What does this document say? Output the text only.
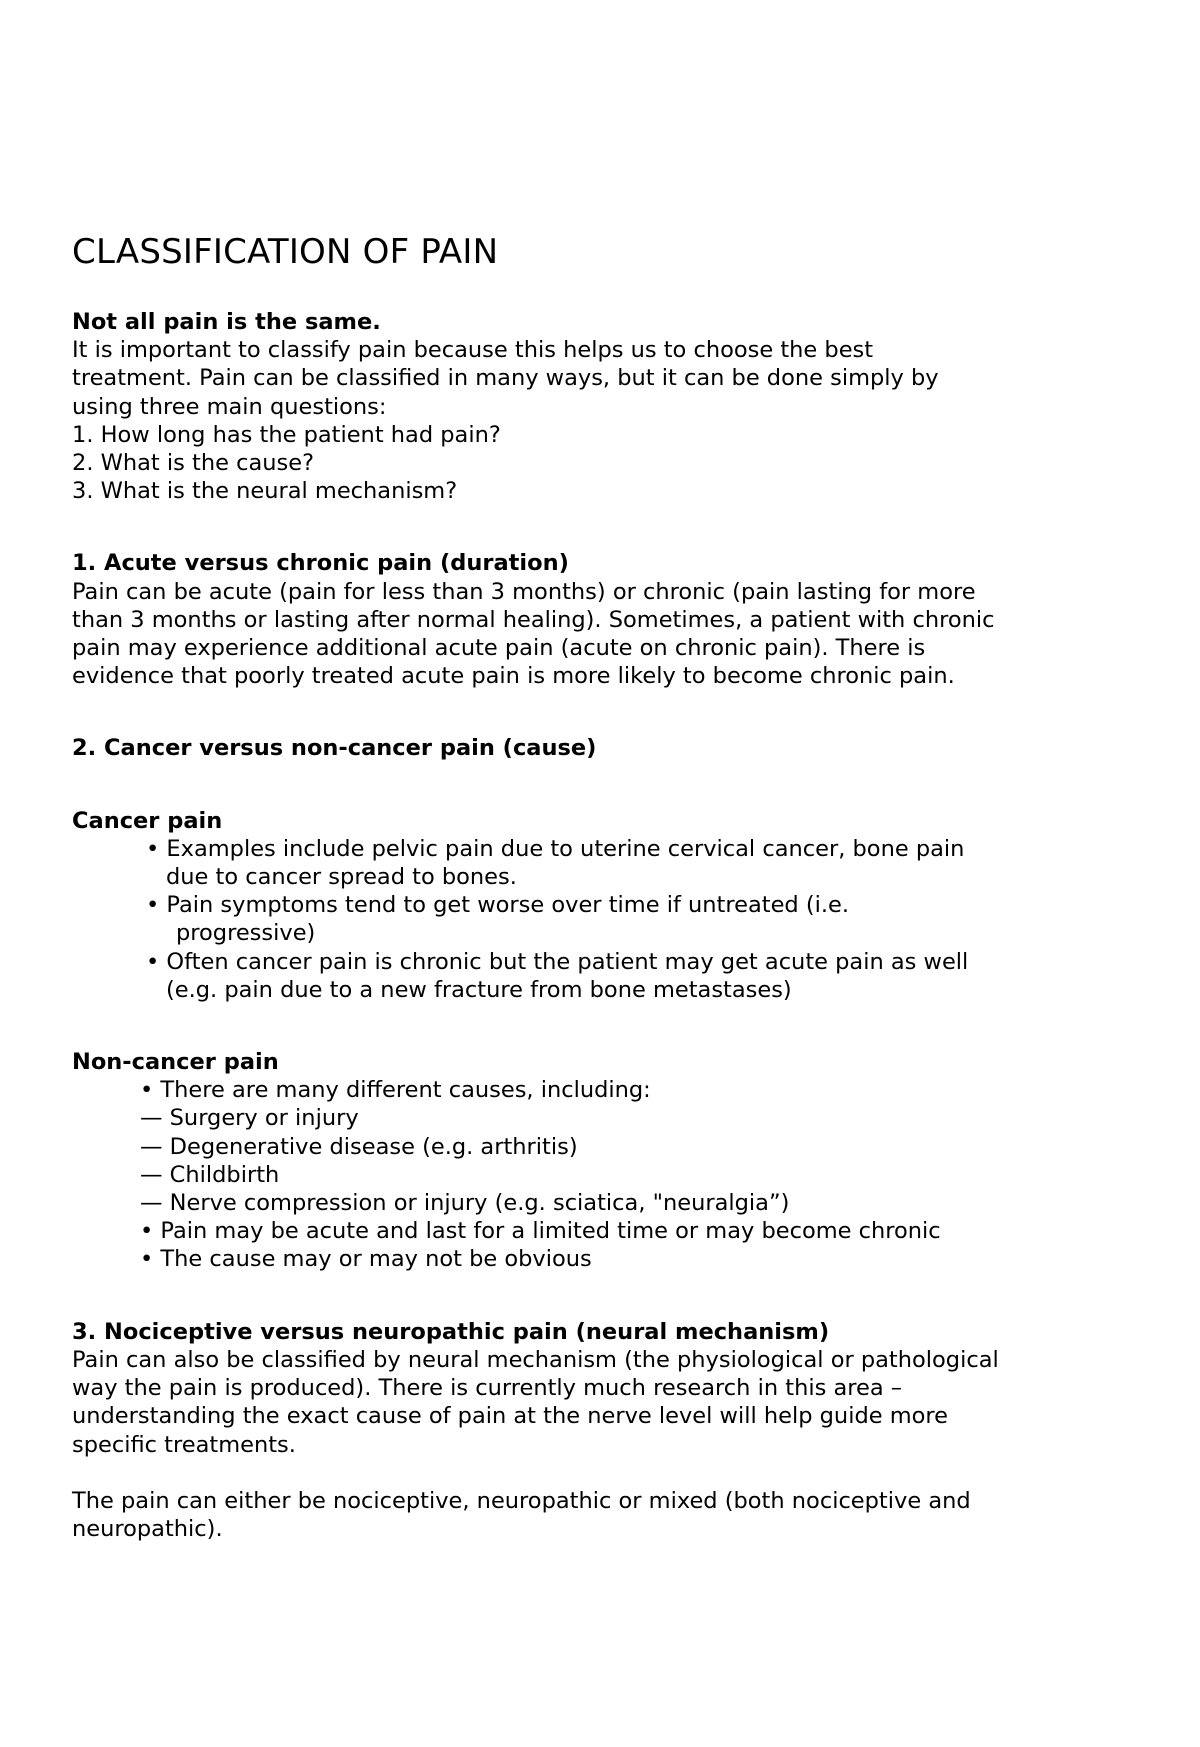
CLASSIFICATION OF PAIN
Not all pain is the same.
It is important to classify pain because this helps us to choose the best
treatment. Pain can be classified in many ways, but it can be done simply by
using three main questions:
1. How long has the patient had pain?
2. What is the cause?
3. What is the neural mechanism?
1. Acute versus chronic pain (duration)
Pain can be acute (pain for less than 3 months) or chronic (pain lasting for more
than 3 months or lasting after normal healing). Sometimes, a patient with chronic
pain may experience additional acute pain (acute on chronic pain). There is
evidence that poorly treated acute pain is more likely to become chronic pain.
2. Cancer versus non-cancer pain (cause)
Cancer pain
• Examples include pelvic pain due to uterine cervical cancer, bone pain
due to cancer spread to bones.
• Pain symptoms tend to get worse over time if untreated (i.e.
progressive)
• Often cancer pain is chronic but the patient may get acute pain as well
(e.g. pain due to a new fracture from bone metastases)
Non-cancer pain
• There are many different causes, including:
— Surgery or injury
— Degenerative disease (e.g. arthritis)
— Childbirth
— Nerve compression or injury (e.g. sciatica, "neuralgia”)
• Pain may be acute and last for a limited time or may become chronic
• The cause may or may not be obvious
3. Nociceptive versus neuropathic pain (neural mechanism)
Pain can also be classified by neural mechanism (the physiological or pathological
way the pain is produced). There is currently much research in this area –
understanding the exact cause of pain at the nerve level will help guide more
specific treatments.
The pain can either be nociceptive, neuropathic or mixed (both nociceptive and
neuropathic).
